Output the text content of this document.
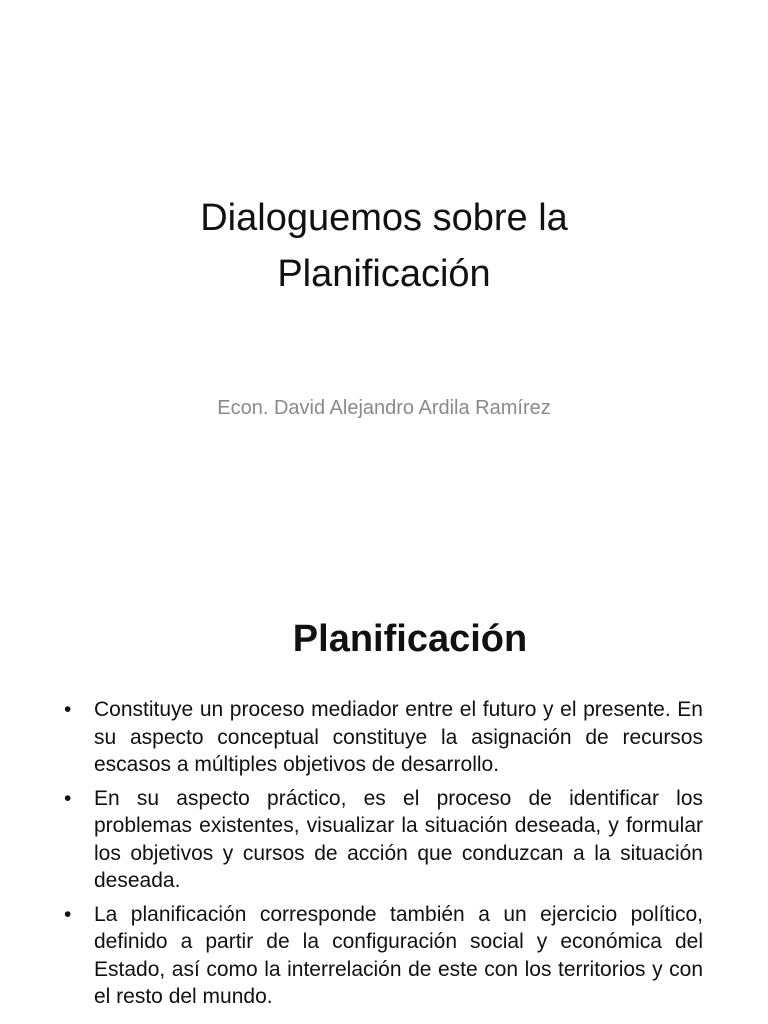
Dialoguemos sobre la
Planificación
Econ. David Alejandro Ardila Ramírez
Planificación
• Constituye un proceso mediador entre el futuro y el presente. En su aspecto conceptual constituye la asignación de recursos escasos a múltiples objetivos de desarrollo.
• En su aspecto práctico, es el proceso de identificar los problemas existentes, visualizar la situación deseada, y formular los objetivos y cursos de acción que conduzcan a la situación deseada.
• La planificación corresponde también a un ejercicio político, definido a partir de la configuración social y económica del Estado, así como la interrelación de este con los territorios y con el resto del mundo.
